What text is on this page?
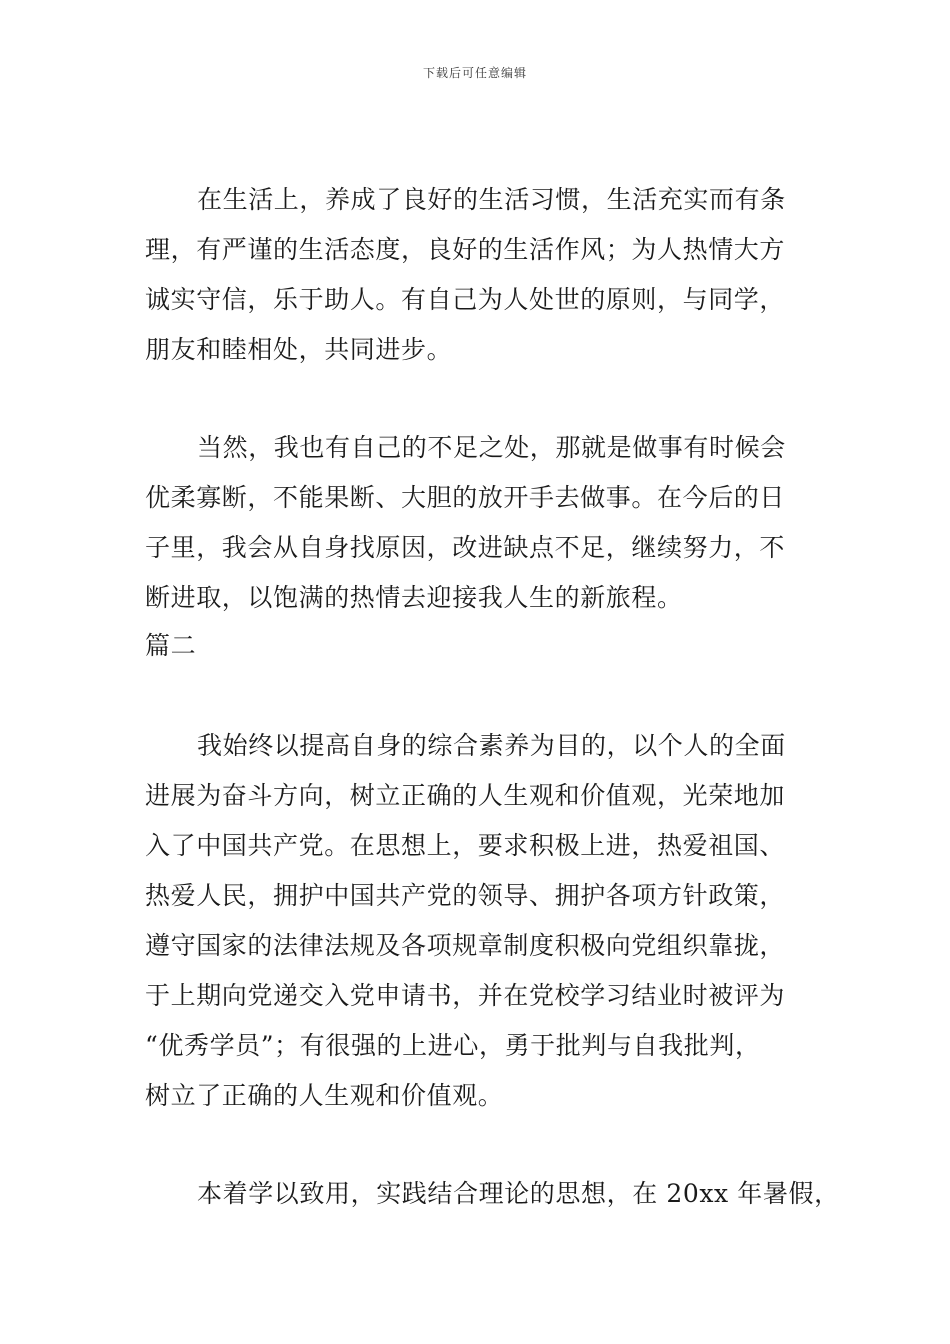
下载后可任意编辑
在生活上，养成了良好的生活习惯，生活充实而有条
理，有严谨的生活态度，良好的生活作风；为人热情大方
诚实守信，乐于助人。有自己为人处世的原则，与同学，
朋友和睦相处，共同进步。
当然，我也有自己的不足之处，那就是做事有时候会
优柔寡断，不能果断、大胆的放开手去做事。在今后的日
子里，我会从自身找原因，改进缺点不足，继续努力，不
断进取，以饱满的热情去迎接我人生的新旅程。
篇二
我始终以提高自身的综合素养为目的，以个人的全面
进展为奋斗方向，树立正确的人生观和价值观，光荣地加
入了中国共产党。在思想上，要求积极上进，热爱祖国、
热爱人民，拥护中国共产党的领导、拥护各项方针政策，
遵守国家的法律法规及各项规章制度积极向党组织靠拢，
于上期向党递交入党申请书，并在党校学习结业时被评为
“优秀学员”；有很强的上进心，勇于批判与自我批判，
树立了正确的人生观和价值观。
本着学以致用，实践结合理论的思想，在 20xx 年暑假，
